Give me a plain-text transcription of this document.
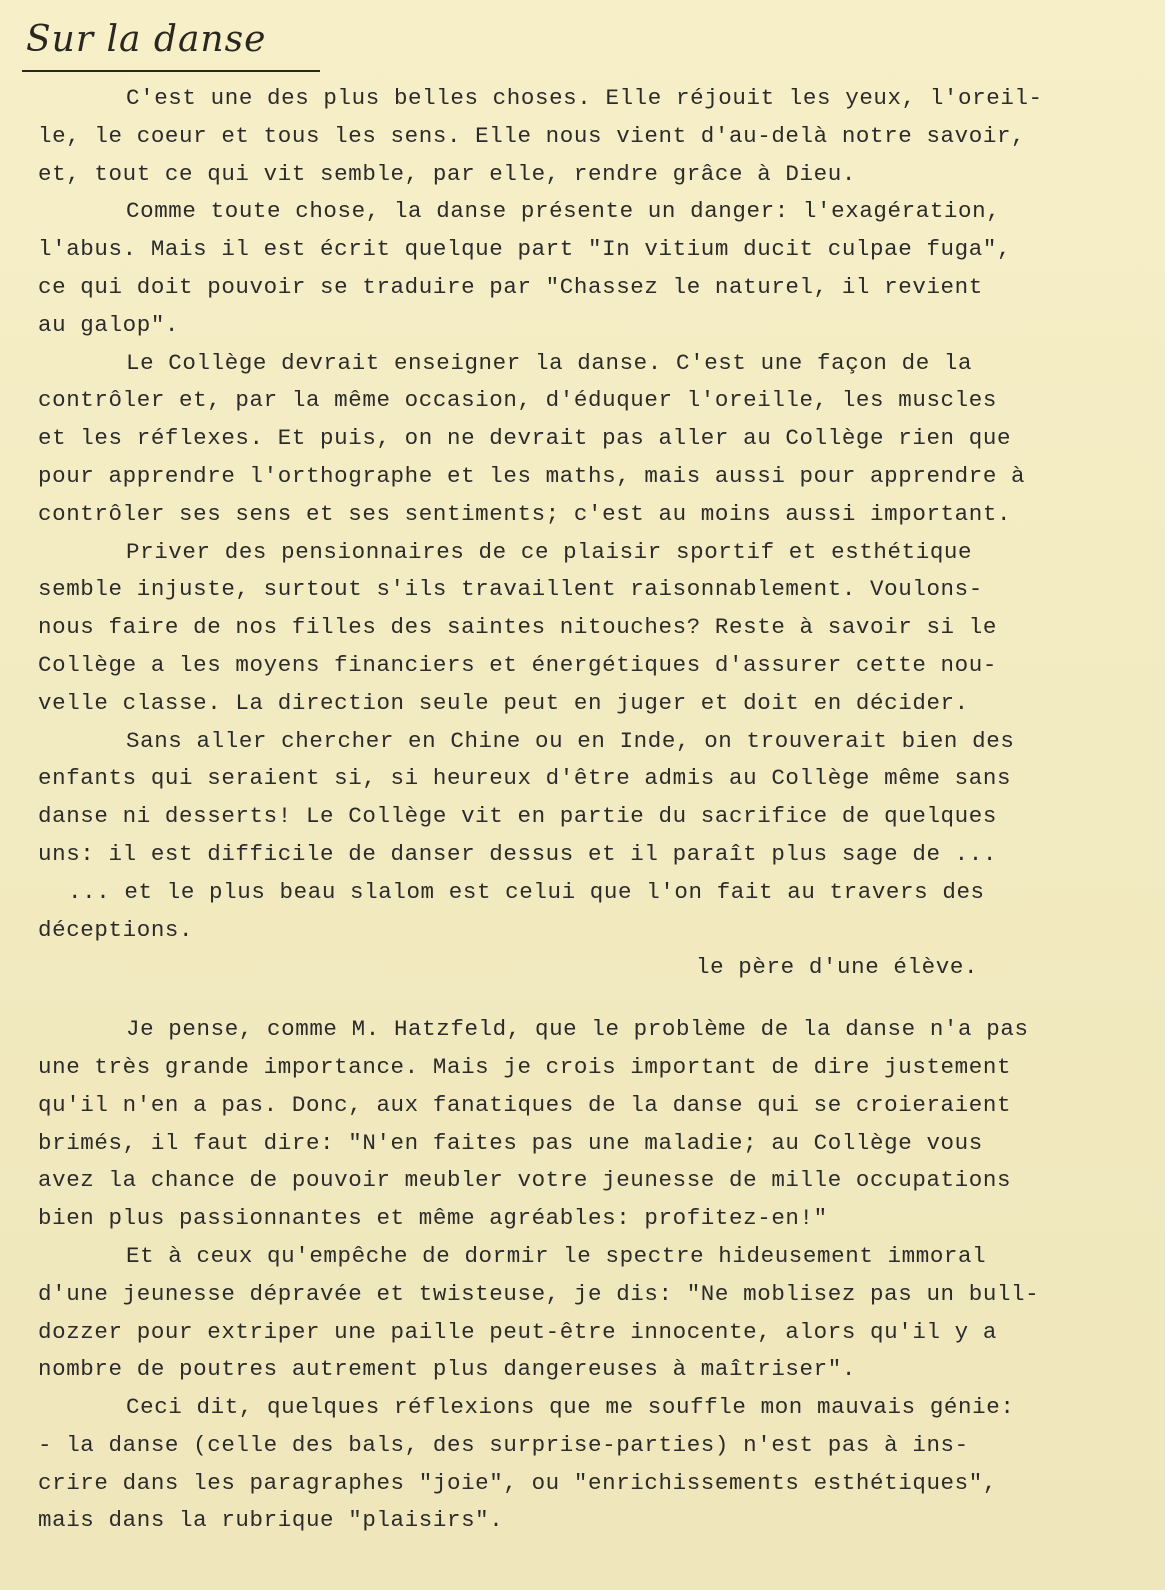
Sur la danse
C'est une des plus belles choses. Elle réjouit les yeux, l'oreil-
le, le coeur et tous les sens. Elle nous vient d'au-delà notre savoir,
et, tout ce qui vit semble, par elle, rendre grâce à Dieu.
Comme toute chose, la danse présente un danger: l'exagération,
l'abus. Mais il est écrit quelque part "In vitium ducit culpae fuga",
ce qui doit pouvoir se traduire par "Chassez le naturel, il revient
au galop".
Le Collège devrait enseigner la danse. C'est une façon de la
contrôler et, par la même occasion, d'éduquer l'oreille, les muscles
et les réflexes. Et puis, on ne devrait pas aller au Collège rien que
pour apprendre l'orthographe et les maths, mais aussi pour apprendre à
contrôler ses sens et ses sentiments; c'est au moins aussi important.
Priver des pensionnaires de ce plaisir sportif et esthétique
semble injuste, surtout s'ils travaillent raisonnablement. Voulons-
nous faire de nos filles des saintes nitouches? Reste à savoir si le
Collège a les moyens financiers et énergétiques d'assurer cette nou-
velle classe. La direction seule peut en juger et doit en décider.
Sans aller chercher en Chine ou en Inde, on trouverait bien des
enfants qui seraient si, si heureux d'être admis au Collège même sans
danse ni desserts! Le Collège vit en partie du sacrifice de quelques
uns: il est difficile de danser dessus et il paraît plus sage de ...
... et le plus beau slalom est celui que l'on fait au travers des
déceptions.
le père d'une élève.
Je pense, comme M. Hatzfeld, que le problème de la danse n'a pas
une très grande importance. Mais je crois important de dire justement
qu'il n'en a pas. Donc, aux fanatiques de la danse qui se croieraient
brimés, il faut dire: "N'en faites pas une maladie; au Collège vous
avez la chance de pouvoir meubler votre jeunesse de mille occupations
bien plus passionnantes et même agréables: profitez-en!"
Et à ceux qu'empêche de dormir le spectre hideusement immoral
d'une jeunesse dépravée et twisteuse, je dis: "Ne moblisez pas un bull-
dozzer pour extriper une paille peut-être innocente, alors qu'il y a
nombre de poutres autrement plus dangereuses à maîtriser".
Ceci dit, quelques réflexions que me souffle mon mauvais génie:
- la danse (celle des bals, des surprise-parties) n'est pas à ins-
crire dans les paragraphes "joie", ou "enrichissements esthétiques",
mais dans la rubrique "plaisirs".
